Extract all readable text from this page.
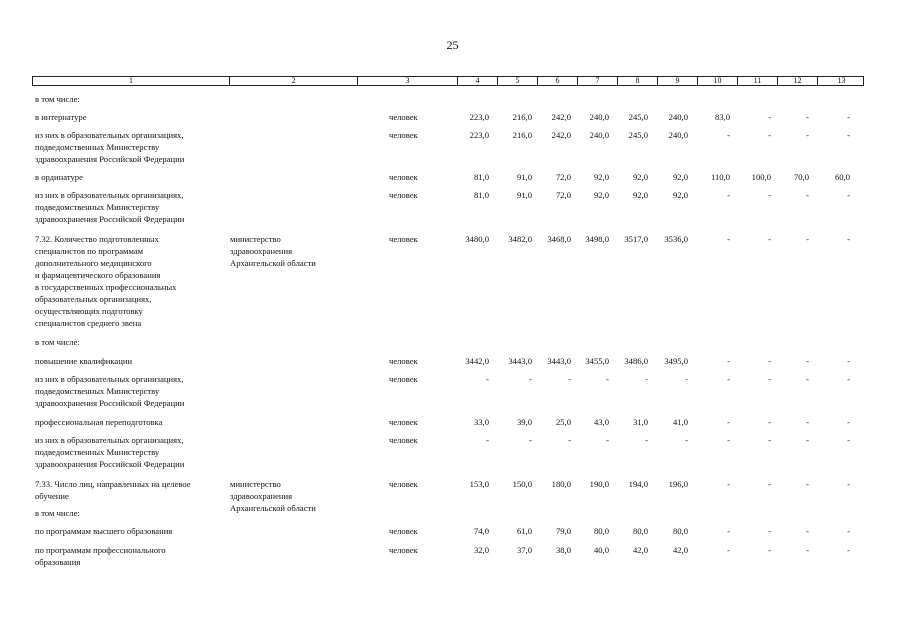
25
1	2	3	4	5	6	7	8	9	10	11	12	13
в том числе:
в интернатуре	человек	223,0	216,0	242,0	240,0	245,0	240,0	83,0	-	-	-
из них в образовательных организациях,
подведомственных Министерству
здравоохранения Российской Федерации
человек	223,0	216,0	242,0	240,0	245,0	240,0	-	-	-	-
в ординатуре	человек	81,0	91,0	72,0	92,0	92,0	92,0	110,0	100,0	70,0	60,0
из них в образовательных организациях,
подведомственных Министерству
здравоохранения Российской Федерации
человек	81,0	91,0	72,0	92,0	92,0	92,0	-	-	-	-
7.32. Количество подготовленных
специалистов по программам
дополнительного медицинского
и фармацевтического образования
в государственных профессиональных
образовательных организациях,
осуществляющих подготовку
специалистов среднего звена
министерство
здравоохранения
Архангельской области
человек	3480,0	3482,0	3468,0	3498,0	3517,0	3536,0	-	-	-	-
в том числе:
повышение квалификации	человек	3442,0	3443,0	3443,0	3455,0	3486,0	3495,0	-	-	-	-
из них в образовательных организациях,
подведомственных Министерству
здравоохранения Российской Федерации
человек	-	-	-	-	-	-	-	-	-	-
профессиональная переподготовка	человек	33,0	39,0	25,0	43,0	31,0	41,0	-	-	-	-
из них в образовательных организациях,
подведомственных Министерству
здравоохранения Российской Федерации
человек	-	-	-	-	-	-	-	-	-	-
7.33. Число лиц, направленных на целевое
обучение
министерство
здравоохранения
Архангельской области
человек	153,0	150,0	180,0	190,0	194,0	196,0	-	-	-	-
в том числе:
по программам высшего образования	человек	74,0	61,0	79,0	80,0	80,0	80,0	-	-	-	-
по программам профессионального
образования
человек	32,0	37,0	38,0	40,0	42,0	42,0	-	-	-	-
